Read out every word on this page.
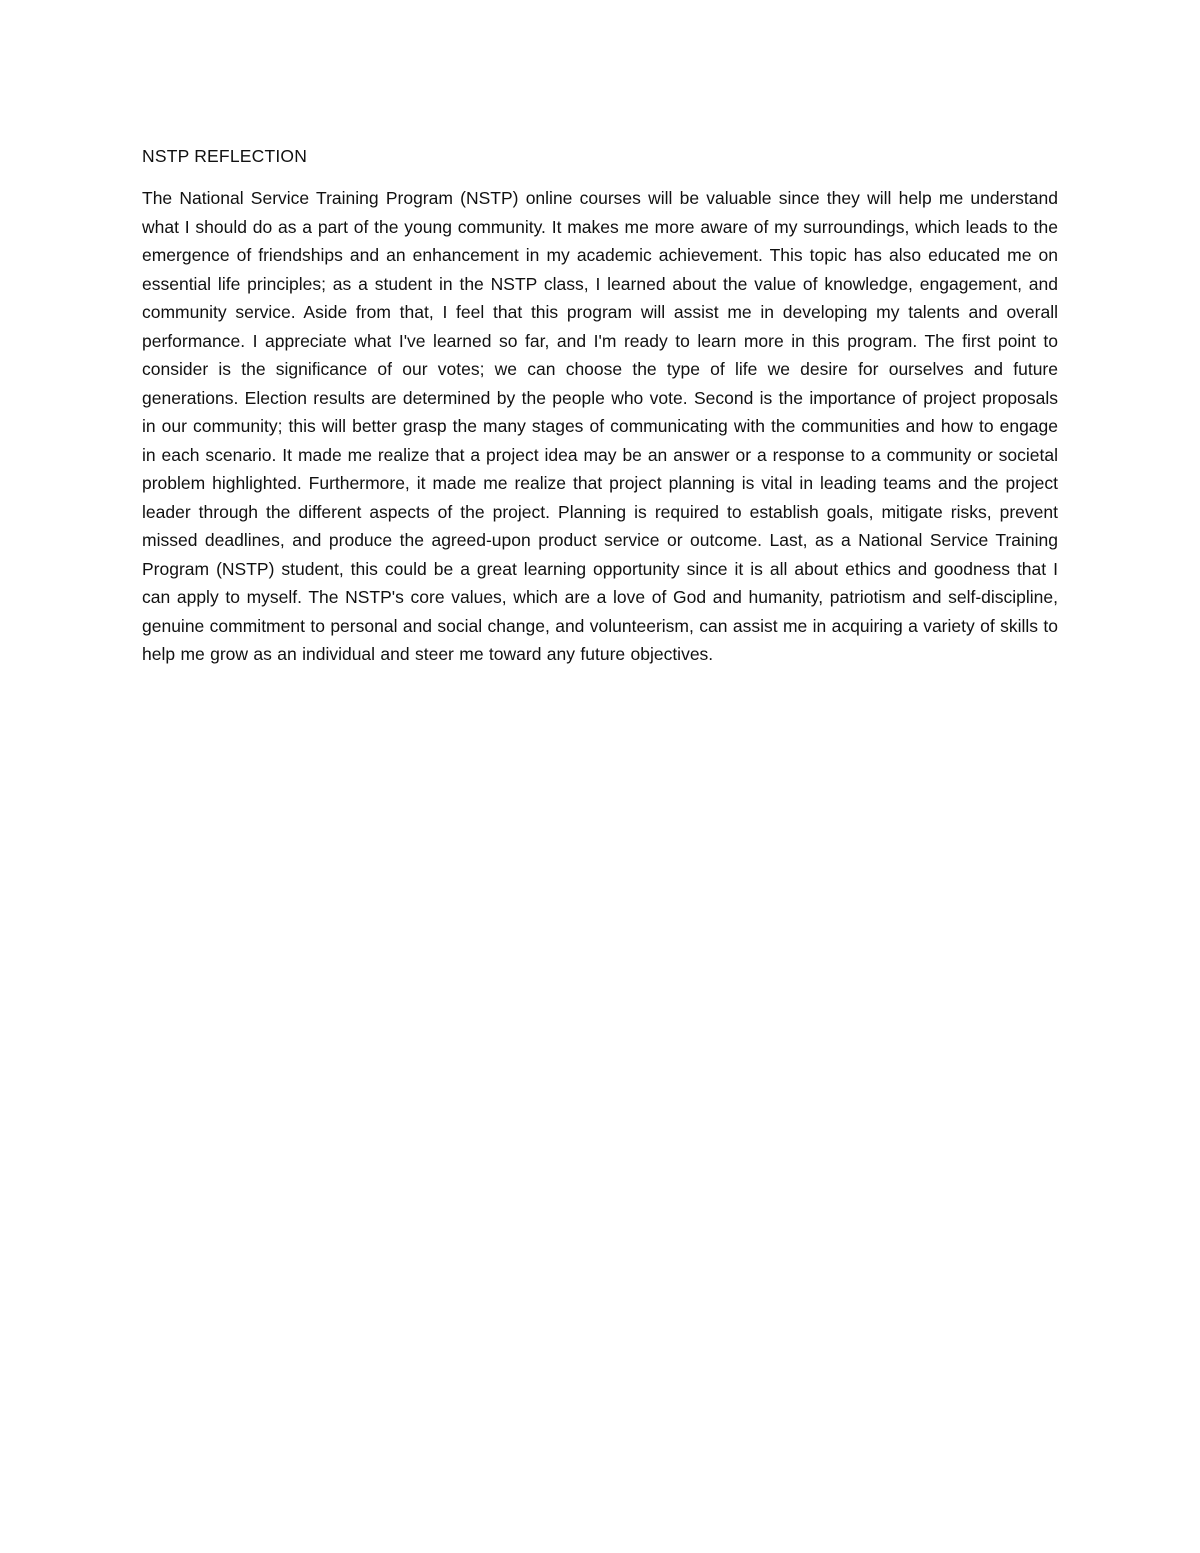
NSTP REFLECTION

The National Service Training Program (NSTP) online courses will be valuable since they will help me understand what I should do as a part of the young community. It makes me more aware of my surroundings, which leads to the emergence of friendships and an enhancement in my academic achievement. This topic has also educated me on essential life principles; as a student in the NSTP class, I learned about the value of knowledge, engagement, and community service. Aside from that, I feel that this program will assist me in developing my talents and overall performance. I appreciate what I've learned so far, and I'm ready to learn more in this program. The first point to consider is the significance of our votes; we can choose the type of life we desire for ourselves and future generations. Election results are determined by the people who vote. Second is the importance of project proposals in our community; this will better grasp the many stages of communicating with the communities and how to engage in each scenario. It made me realize that a project idea may be an answer or a response to a community or societal problem highlighted. Furthermore, it made me realize that project planning is vital in leading teams and the project leader through the different aspects of the project. Planning is required to establish goals, mitigate risks, prevent missed deadlines, and produce the agreed-upon product service or outcome. Last, as a National Service Training Program (NSTP) student, this could be a great learning opportunity since it is all about ethics and goodness that I can apply to myself. The NSTP's core values, which are a love of God and humanity, patriotism and self-discipline, genuine commitment to personal and social change, and volunteerism, can assist me in acquiring a variety of skills to help me grow as an individual and steer me toward any future objectives.
